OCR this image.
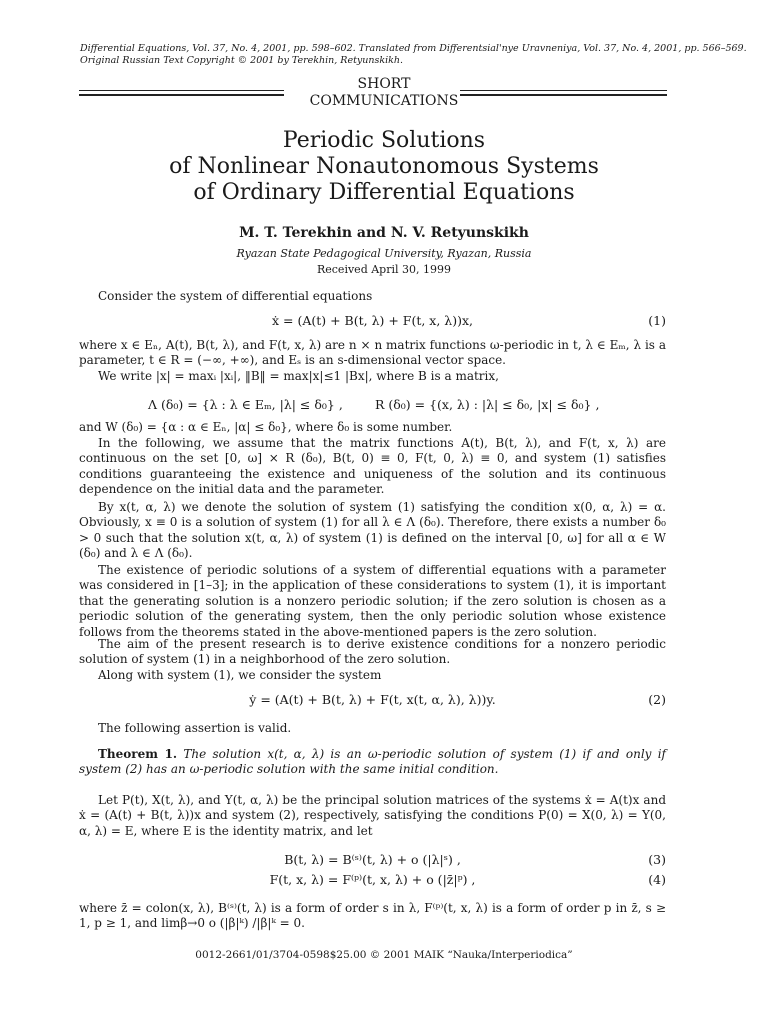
Differential Equations, Vol. 37, No. 4, 2001, pp. 598–602. Translated from Differentsial'nye Uravneniya, Vol. 37, No. 4, 2001, pp. 566–569.
Original Russian Text Copyright © 2001 by Terekhin, Retyunskikh.
SHORT
COMMUNICATIONS
Periodic Solutions
of Nonlinear Nonautonomous Systems
of Ordinary Differential Equations
M. T. Terekhin and N. V. Retyunskikh
Ryazan State Pedagogical University, Ryazan, Russia
Received April 30, 1999
Consider the system of differential equations
ẋ = (A(t) + B(t, λ) + F(t, x, λ))x,	(1)
where x ∈ Eₙ, A(t), B(t, λ), and F(t, x, λ) are n × n matrix functions ω-periodic in t, λ ∈ Eₘ, λ is a parameter, t ∈ R = (−∞, +∞), and Eₛ is an s-dimensional vector space.
We write |x| = maxᵢ |xᵢ|, ‖B‖ = max|x|≤1 |Bx|, where B is a matrix,
Λ (δ₀) = {λ : λ ∈ Eₘ, |λ| ≤ δ₀} ,	R (δ₀) = {(x, λ) : |λ| ≤ δ₀, |x| ≤ δ₀} ,
and W (δ₀) = {α : α ∈ Eₙ, |α| ≤ δ₀}, where δ₀ is some number.
In the following, we assume that the matrix functions A(t), B(t, λ), and F(t, x, λ) are continuous on the set [0, ω] × R (δ₀), B(t, 0) ≡ 0, F(t, 0, λ) ≡ 0, and system (1) satisfies conditions guaranteeing the existence and uniqueness of the solution and its continuous dependence on the initial data and the parameter.
By x(t, α, λ) we denote the solution of system (1) satisfying the condition x(0, α, λ) = α. Obviously, x ≡ 0 is a solution of system (1) for all λ ∈ Λ (δ₀). Therefore, there exists a number δ₀ > 0 such that the solution x(t, α, λ) of system (1) is defined on the interval [0, ω] for all α ∈ W (δ₀) and λ ∈ Λ (δ₀).
The existence of periodic solutions of a system of differential equations with a parameter was considered in [1–3]; in the application of these considerations to system (1), it is important that the generating solution is a nonzero periodic solution; if the zero solution is chosen as a periodic solution of the generating system, then the only periodic solution whose existence follows from the theorems stated in the above-mentioned papers is the zero solution.
The aim of the present research is to derive existence conditions for a nonzero periodic solution of system (1) in a neighborhood of the zero solution.
Along with system (1), we consider the system
ẏ = (A(t) + B(t, λ) + F(t, x(t, α, λ), λ))y.	(2)
The following assertion is valid.
Theorem 1. The solution x(t, α, λ) is an ω-periodic solution of system (1) if and only if system (2) has an ω-periodic solution with the same initial condition.
Let P(t), X(t, λ), and Y(t, α, λ) be the principal solution matrices of the systems ẋ = A(t)x and ẋ = (A(t) + B(t, λ))x and system (2), respectively, satisfying the conditions P(0) = X(0, λ) = Y(0, α, λ) = E, where E is the identity matrix, and let
B(t, λ) = B⁽ˢ⁾(t, λ) + o (|λ|ˢ) ,	(3)
F(t, x, λ) = F⁽ᵖ⁾(t, x, λ) + o (|z̄|ᵖ) ,	(4)
where z̄ = colon(x, λ), B⁽ˢ⁾(t, λ) is a form of order s in λ, F⁽ᵖ⁾(t, x, λ) is a form of order p in z̄, s ≥ 1, p ≥ 1, and limβ→0 o (|β|ᵏ) /|β|ᵏ = 0.
0012-2661/01/3704-0598$25.00 © 2001 MAIK “Nauka/Interperiodica”
